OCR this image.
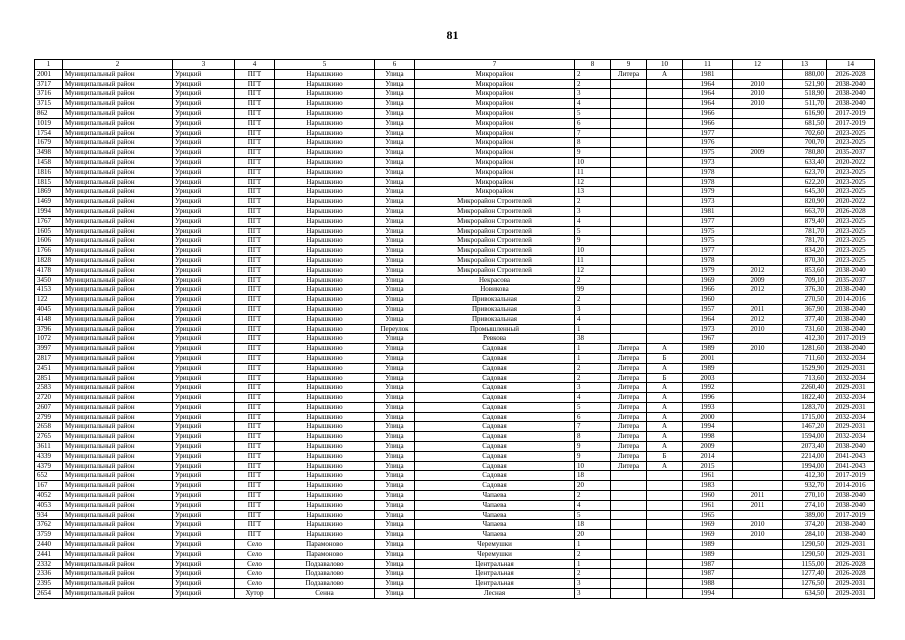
81
1	2	3	4	5	6	7	8	9	10	11	12	13	14
2001	Муниципальный район	Урицкий	ПГТ	Нарышкино	Улица	Микрорайон	2	Литера	А	1981		880,00	2026-2028
3717	Муниципальный район	Урицкий	ПГТ	Нарышкино	Улица	Микрорайон	2			1964	2010	521,90	2038-2040
3716	Муниципальный район	Урицкий	ПГТ	Нарышкино	Улица	Микрорайон	3			1964	2010	518,90	2038-2040
3715	Муниципальный район	Урицкий	ПГТ	Нарышкино	Улица	Микрорайон	4			1964	2010	511,70	2038-2040
862	Муниципальный район	Урицкий	ПГТ	Нарышкино	Улица	Микрорайон	5			1966		616,90	2017-2019
1019	Муниципальный район	Урицкий	ПГТ	Нарышкино	Улица	Микрорайон	6			1966		681,50	2017-2019
1754	Муниципальный район	Урицкий	ПГТ	Нарышкино	Улица	Микрорайон	7			1977		702,60	2023-2025
1679	Муниципальный район	Урицкий	ПГТ	Нарышкино	Улица	Микрорайон	8			1976		700,70	2023-2025
3498	Муниципальный район	Урицкий	ПГТ	Нарышкино	Улица	Микрорайон	9			1975	2009	780,80	2035-2037
1458	Муниципальный район	Урицкий	ПГТ	Нарышкино	Улица	Микрорайон	10			1973		633,40	2020-2022
1816	Муниципальный район	Урицкий	ПГТ	Нарышкино	Улица	Микрорайон	11			1978		623,70	2023-2025
1815	Муниципальный район	Урицкий	ПГТ	Нарышкино	Улица	Микрорайон	12			1978		622,20	2023-2025
1869	Муниципальный район	Урицкий	ПГТ	Нарышкино	Улица	Микрорайон	13			1979		645,30	2023-2025
1469	Муниципальный район	Урицкий	ПГТ	Нарышкино	Улица	Микрорайон Строителей	2			1973		820,90	2020-2022
1994	Муниципальный район	Урицкий	ПГТ	Нарышкино	Улица	Микрорайон Строителей	3			1981		663,70	2026-2028
1767	Муниципальный район	Урицкий	ПГТ	Нарышкино	Улица	Микрорайон Строителей	4			1977		879,40	2023-2025
1605	Муниципальный район	Урицкий	ПГТ	Нарышкино	Улица	Микрорайон Строителей	5			1975		781,70	2023-2025
1606	Муниципальный район	Урицкий	ПГТ	Нарышкино	Улица	Микрорайон Строителей	9			1975		781,70	2023-2025
1766	Муниципальный район	Урицкий	ПГТ	Нарышкино	Улица	Микрорайон Строителей	10			1977		834,20	2023-2025
1828	Муниципальный район	Урицкий	ПГТ	Нарышкино	Улица	Микрорайон Строителей	11			1978		870,30	2023-2025
4178	Муниципальный район	Урицкий	ПГТ	Нарышкино	Улица	Микрорайон Строителей	12			1979	2012	853,60	2038-2040
3450	Муниципальный район	Урицкий	ПГТ	Нарышкино	Улица	Некрасова	2			1969	2009	709,10	2035-2037
4153	Муниципальный район	Урицкий	ПГТ	Нарышкино	Улица	Новикова	99			1966	2012	376,30	2038-2040
122	Муниципальный район	Урицкий	ПГТ	Нарышкино	Улица	Привокзальная	2			1960		270,50	2014-2016
4045	Муниципальный район	Урицкий	ПГТ	Нарышкино	Улица	Привокзальная	3			1957	2011	367,90	2038-2040
4148	Муниципальный район	Урицкий	ПГТ	Нарышкино	Улица	Привокзальная	4			1964	2012	377,40	2038-2040
3796	Муниципальный район	Урицкий	ПГТ	Нарышкино	Переулок	Промышленный	1			1973	2010	731,60	2038-2040
1072	Муниципальный район	Урицкий	ПГТ	Нарышкино	Улица	Ревкова	38			1967		412,30	2017-2019
3997	Муниципальный район	Урицкий	ПГТ	Нарышкино	Улица	Садовая	1	Литера	А	1989	2010	1281,60	2038-2040
2817	Муниципальный район	Урицкий	ПГТ	Нарышкино	Улица	Садовая	1	Литера	Б	2001		711,60	2032-2034
2451	Муниципальный район	Урицкий	ПГТ	Нарышкино	Улица	Садовая	2	Литера	А	1989		1529,90	2029-2031
2851	Муниципальный район	Урицкий	ПГТ	Нарышкино	Улица	Садовая	2	Литера	Б	2003		713,60	2032-2034
2583	Муниципальный район	Урицкий	ПГТ	Нарышкино	Улица	Садовая	3	Литера	А	1992		2260,40	2029-2031
2720	Муниципальный район	Урицкий	ПГТ	Нарышкино	Улица	Садовая	4	Литера	А	1996		1822,40	2032-2034
2607	Муниципальный район	Урицкий	ПГТ	Нарышкино	Улица	Садовая	5	Литера	А	1993		1283,70	2029-2031
2799	Муниципальный район	Урицкий	ПГТ	Нарышкино	Улица	Садовая	6	Литера	А	2000		1715,00	2032-2034
2658	Муниципальный район	Урицкий	ПГТ	Нарышкино	Улица	Садовая	7	Литера	А	1994		1467,20	2029-2031
2765	Муниципальный район	Урицкий	ПГТ	Нарышкино	Улица	Садовая	8	Литера	А	1998		1594,00	2032-2034
3611	Муниципальный район	Урицкий	ПГТ	Нарышкино	Улица	Садовая	9	Литера	А	2009		2073,40	2038-2040
4339	Муниципальный район	Урицкий	ПГТ	Нарышкино	Улица	Садовая	9	Литера	Б	2014		2214,00	2041-2043
4379	Муниципальный район	Урицкий	ПГТ	Нарышкино	Улица	Садовая	10	Литера	А	2015		1994,00	2041-2043
652	Муниципальный район	Урицкий	ПГТ	Нарышкино	Улица	Садовая	18			1961		412,30	2017-2019
167	Муниципальный район	Урицкий	ПГТ	Нарышкино	Улица	Садовая	20			1983		932,70	2014-2016
4052	Муниципальный район	Урицкий	ПГТ	Нарышкино	Улица	Чапаева	2			1960	2011	270,10	2038-2040
4053	Муниципальный район	Урицкий	ПГТ	Нарышкино	Улица	Чапаева	4			1961	2011	274,10	2038-2040
934	Муниципальный район	Урицкий	ПГТ	Нарышкино	Улица	Чапаева	5			1965		389,00	2017-2019
3762	Муниципальный район	Урицкий	ПГТ	Нарышкино	Улица	Чапаева	18			1969	2010	374,20	2038-2040
3759	Муниципальный район	Урицкий	ПГТ	Нарышкино	Улица	Чапаева	20			1969	2010	284,10	2038-2040
2440	Муниципальный район	Урицкий	Село	Парамоново	Улица	Черемушки	1			1989		1290,50	2029-2031
2441	Муниципальный район	Урицкий	Село	Парамоново	Улица	Черемушки	2			1989		1290,50	2029-2031
2332	Муниципальный район	Урицкий	Село	Подзавалово	Улица	Центральная	1			1987		1155,00	2026-2028
2336	Муниципальный район	Урицкий	Село	Подзавалово	Улица	Центральная	2			1987		1277,40	2026-2028
2395	Муниципальный район	Урицкий	Село	Подзавалово	Улица	Центральная	3			1988		1276,50	2029-2031
2654	Муниципальный район	Урицкий	Хутор	Сенна	Улица	Лесная	3			1994		634,50	2029-2031
